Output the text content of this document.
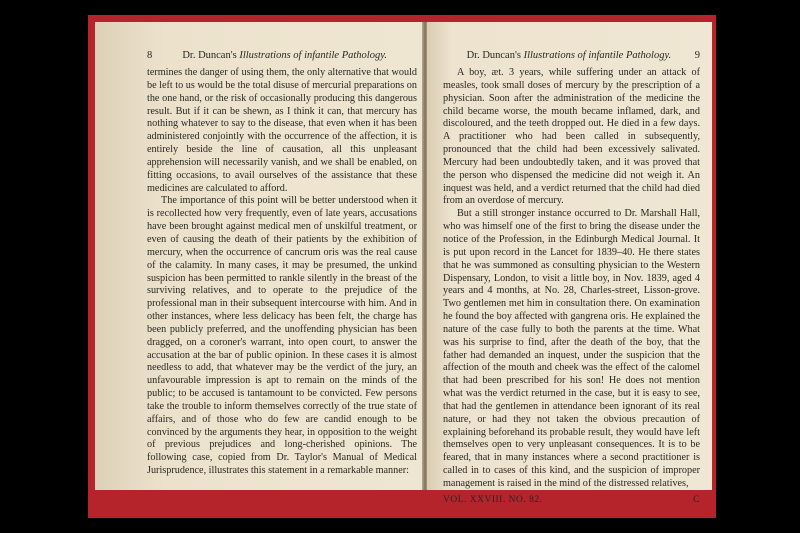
8	Dr. Duncan's Illustrations of infantile Pathology.

termines the danger of using them, the only alternative that would be left to us would be the total disuse of mercurial preparations on the one hand, or the risk of occasionally producing this dangerous result. But if it can be shewn, as I think it can, that mercury has nothing whatever to say to the disease, that even when it has been administered conjointly with the occurrence of the affection, it is entirely beside the line of causation, all this unpleasant apprehension will necessarily vanish, and we shall be enabled, on fitting occasions, to avail ourselves of the assistance that these medicines are calculated to afford.

The importance of this point will be better understood when it is recollected how very frequently, even of late years, accusations have been brought against medical men of unskilful treatment, or even of causing the death of their patients by the exhibition of mercury, when the occurrence of cancrum oris was the real cause of the calamity. In many cases, it may be presumed, the unkind suspicion has been permitted to rankle silently in the breast of the surviving relatives, and to operate to the prejudice of the professional man in their subsequent intercourse with him. And in other instances, where less delicacy has been felt, the charge has been publicly preferred, and the unoffending physician has been dragged, on a coroner's warrant, into open court, to answer the accusation at the bar of public opinion. In these cases it is almost needless to add, that whatever may be the verdict of the jury, an unfavourable impression is apt to remain on the minds of the public; to be accused is tantamount to be convicted. Few persons take the trouble to inform themselves correctly of the true state of affairs, and of those who do few are candid enough to be convinced by the arguments they hear, in opposition to the weight of previous prejudices and long-cherished opinions. The following case, copied from Dr. Taylor's Manual of Medical Jurisprudence, illustrates this statement in a remarkable manner:

Dr. Duncan's Illustrations of infantile Pathology. 9

A boy, æt. 3 years, while suffering under an attack of measles, took small doses of mercury by the prescription of a physician. Soon after the administration of the medicine the child became worse, the mouth became inflamed, dark, and discoloured, and the teeth dropped out. He died in a few days. A practitioner who had been called in subsequently, pronounced that the child had been excessively salivated. Mercury had been undoubtedly taken, and it was proved that the person who dispensed the medicine did not weigh it. An inquest was held, and a verdict returned that the child had died from an overdose of mercury.

But a still stronger instance occurred to Dr. Marshall Hall, who was himself one of the first to bring the disease under the notice of the Profession, in the Edinburgh Medical Journal. It is put upon record in the Lancet for 1839–40. He there states that he was summoned as consulting physician to the Western Dispensary, London, to visit a little boy, in Nov. 1839, aged 4 years and 4 months, at No. 28, Charles-street, Lisson-grove. Two gentlemen met him in consultation there. On examination he found the boy affected with gangrena oris. He explained the nature of the case fully to both the parents at the time. What was his surprise to find, after the death of the boy, that the father had demanded an inquest, under the suspicion that the affection of the mouth and cheek was the effect of the calomel that had been prescribed for his son! He does not mention what was the verdict returned in the case, but it is easy to see, that had the gentlemen in attendance been ignorant of its real nature, or had they not taken the obvious precaution of explaining beforehand its probable result, they would have left themselves open to very unpleasant consequences. It is to be feared, that in many instances where a second practitioner is called in to cases of this kind, and the suspicion of improper management is raised in the mind of the distressed relatives,

VOL. XXVIII. NO. 82.	C
